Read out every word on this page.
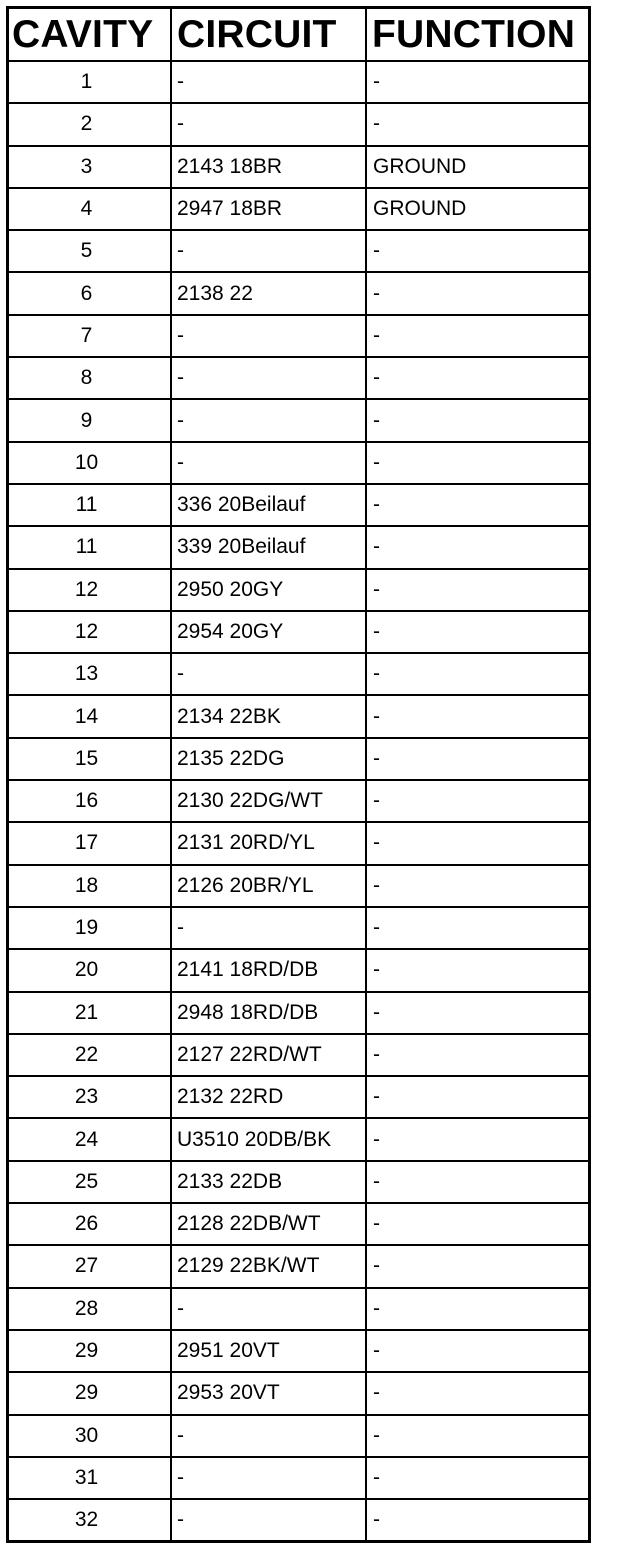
CAVITY	CIRCUIT	FUNCTION
1	-	-
2	-	-
3	2143 18BR	GROUND
4	2947 18BR	GROUND
5	-	-
6	2138 22	-
7	-	-
8	-	-
9	-	-
10	-	-
11	336 20Beilauf	-
11	339 20Beilauf	-
12	2950 20GY	-
12	2954 20GY	-
13	-	-
14	2134 22BK	-
15	2135 22DG	-
16	2130 22DG/WT	-
17	2131 20RD/YL	-
18	2126 20BR/YL	-
19	-	-
20	2141 18RD/DB	-
21	2948 18RD/DB	-
22	2127 22RD/WT	-
23	2132 22RD	-
24	U3510 20DB/BK	-
25	2133 22DB	-
26	2128 22DB/WT	-
27	2129 22BK/WT	-
28	-	-
29	2951 20VT	-
29	2953 20VT	-
30	-	-
31	-	-
32	-	-
